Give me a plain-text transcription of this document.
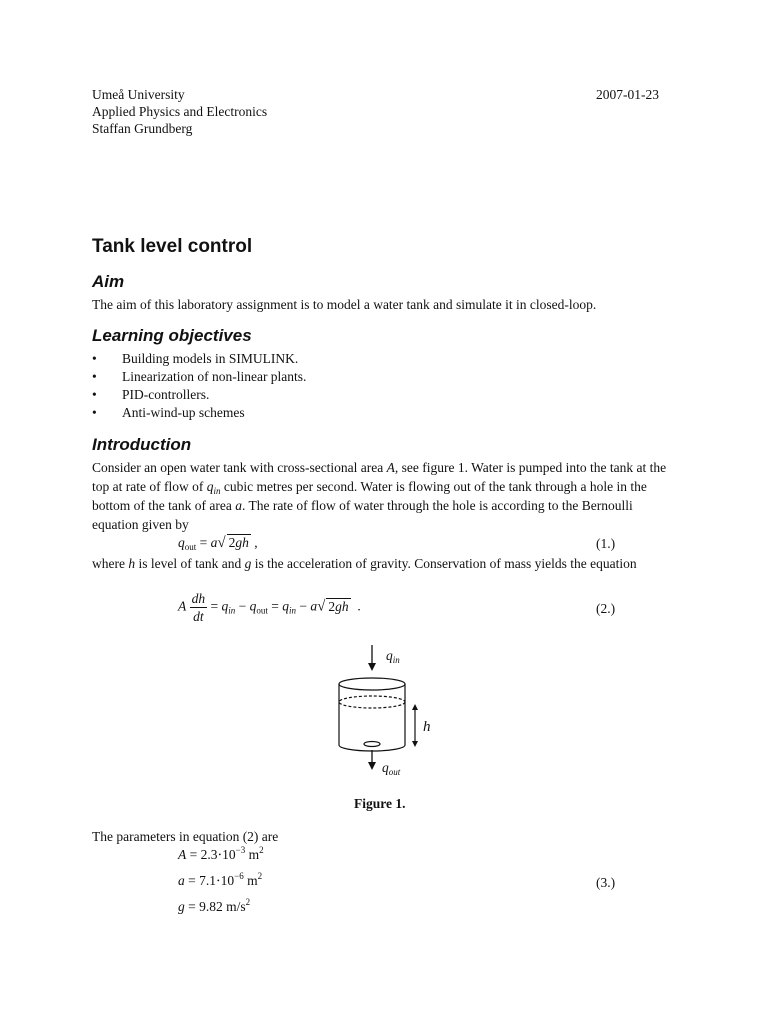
Umeå University
Applied Physics and Electronics
Staffan Grundberg
2007-01-23
Tank level control
Aim
The aim of this laboratory assignment is to model a water tank and simulate it in closed-loop.
Learning objectives
• Building models in SIMULINK.
• Linearization of non-linear plants.
• PID-controllers.
• Anti-wind-up schemes
Introduction
Consider an open water tank with cross-sectional area A, see figure 1. Water is pumped into the tank at the top at rate of flow of $q_{in}$ cubic metres per second. Water is flowing out of the tank through a hole in the bottom of the tank of area a. The rate of flow of water through the hole is according to the Bernoulli equation given by
$q_{out} = a√$ 2gh ,	(1.)
where h is level of tank and g is the acceleration of gravity. Conservation of mass yields the equation
A $\frac{dh}{dt} = q_{in} - q_{out} = q_{in} - a√$ 2gh  .	(2.)
$q_{in}$
h
$q_{out}$
Figure 1.
The parameters in equation (2) are
$A = 2.3\cdot 10^{-3}$ $m^2$
$a = 7.1\cdot 10^{-6}$ $m^2$	(3.)
g = 9.82 $m/s^2$
